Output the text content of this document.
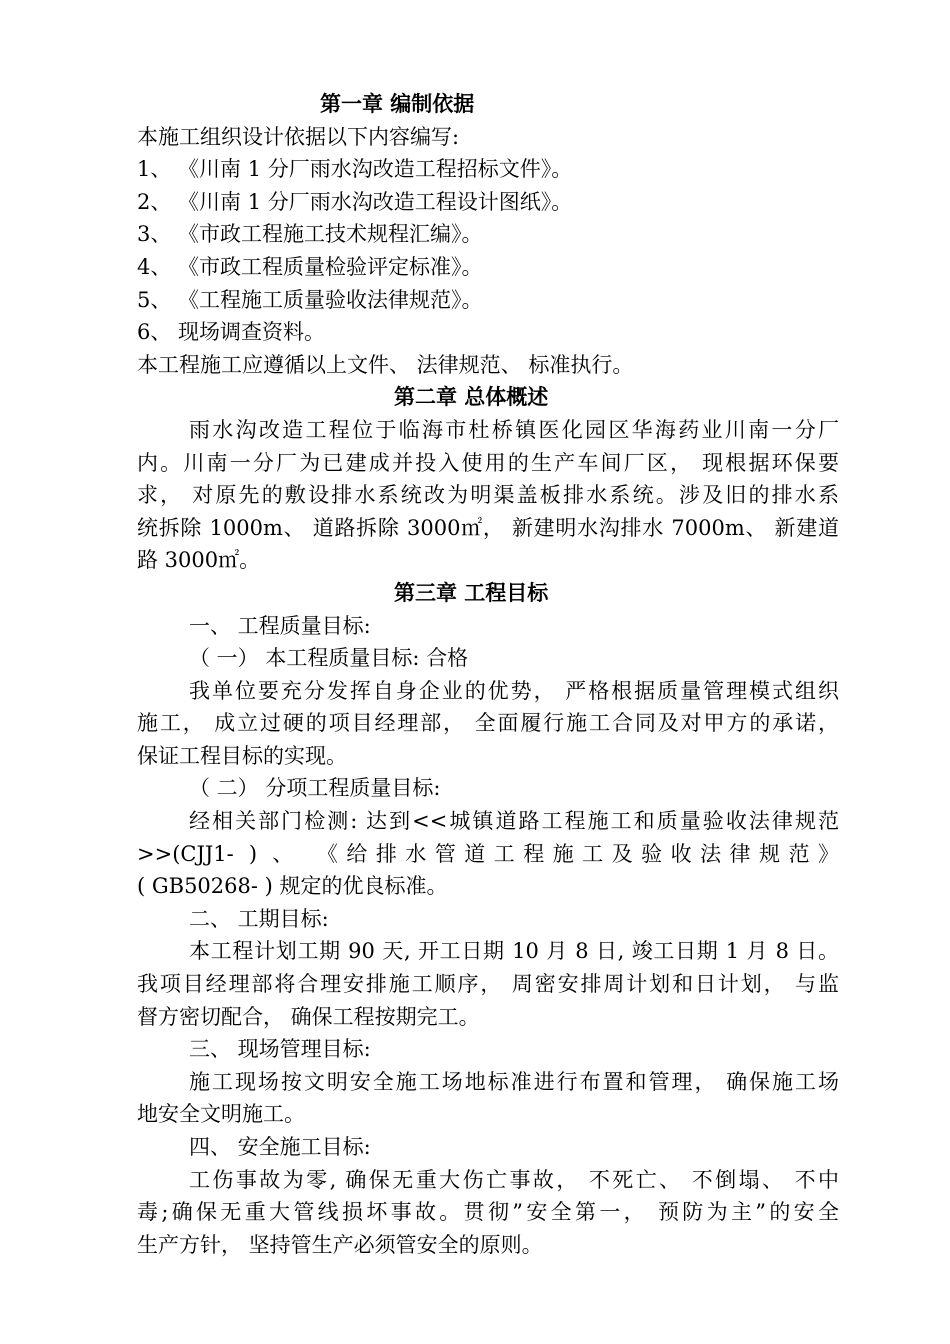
第一章 编制依据
本施工组织设计依据以下内容编写:
1、 《川南 1 分厂雨水沟改造工程招标文件》。
2、 《川南 1 分厂雨水沟改造工程设计图纸》。
3、 《市政工程施工技术规程汇编》。
4、 《市政工程质量检验评定标准》。
5、 《工程施工质量验收法律规范》。
6、 现场调查资料。
本工程施工应遵循以上文件、 法律规范、 标准执行。
第二章 总体概述
雨水沟改造工程位于临海市杜桥镇医化园区华海药业川南一分厂
内。川南一分厂为已建成并投入使用的生产车间厂区， 现根据环保要
求， 对原先的敷设排水系统改为明渠盖板排水系统。涉及旧的排水系
统拆除 1000m、 道路拆除 3000㎡， 新建明水沟排水 7000m、 新建道
路 3000㎡。
第三章 工程目标
一、 工程质量目标:
（ 一） 本工程质量目标: 合格
我单位要充分发挥自身企业的优势， 严格根据质量管理模式组织
施工， 成立过硬的项目经理部， 全面履行施工合同及对甲方的承诺，
保证工程目标的实现。
（ 二） 分项工程质量目标:
经相关部门检测: 达到<<城镇道路工程施工和质量验收法律规范
>>(CJJ1- ) 、 《给排水管道工程施工及验收法律规范》
( GB50268- ) 规定的优良标准。
二、 工期目标:
本工程计划工期 90 天, 开工日期 10 月 8 日, 竣工日期 1 月 8 日。
我项目经理部将合理安排施工顺序， 周密安排周计划和日计划， 与监
督方密切配合， 确保工程按期完工。
三、 现场管理目标:
施工现场按文明安全施工场地标准进行布置和管理， 确保施工场
地安全文明施工。
四、 安全施工目标:
工伤事故为零, 确保无重大伤亡事故， 不死亡、 不倒塌、 不中
毒;确保无重大管线损坏事故。贯彻”安全第一， 预防为主”的安全
生产方针， 坚持管生产必须管安全的原则。
